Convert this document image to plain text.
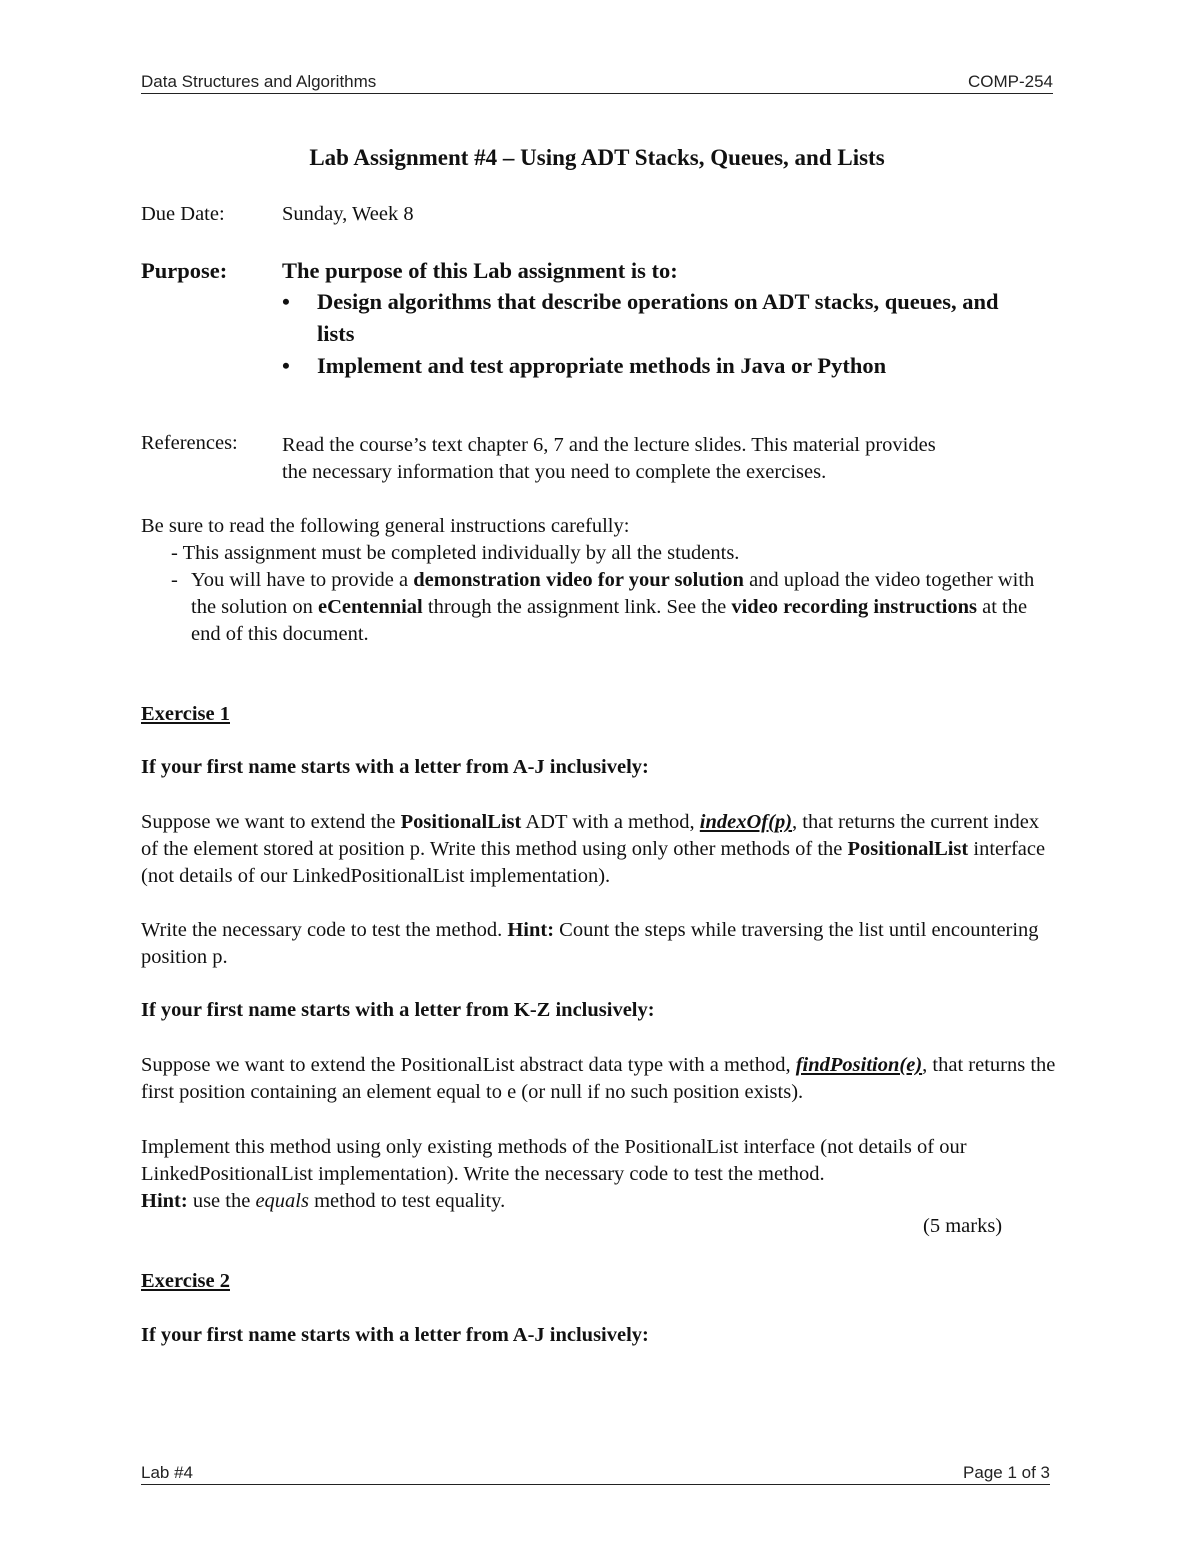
Data Structures and Algorithms	COMP-254
Lab Assignment #4 – Using ADT Stacks, Queues, and Lists
Due Date:	Sunday, Week 8
Purpose: The purpose of this Lab assignment is to:
•	Design algorithms that describe operations on ADT stacks, queues, and lists
•	Implement and test appropriate methods in Java or Python
References: Read the course’s text chapter 6, 7 and the lecture slides. This material provides
the necessary information that you need to complete the exercises.
Be sure to read the following general instructions carefully:
- This assignment must be completed individually by all the students.
- You will have to provide a demonstration video for your solution and upload the video together with the solution on eCentennial through the assignment link. See the video recording instructions at the end of this document.
Exercise 1
If your first name starts with a letter from A-J inclusively:
Suppose we want to extend the PositionalList ADT with a method, indexOf(p), that returns the current index of the element stored at position p. Write this method using only other methods of the PositionalList interface (not details of our LinkedPositionalList implementation).
Write the necessary code to test the method. Hint: Count the steps while traversing the list until encountering position p.
If your first name starts with a letter from K-Z inclusively:
Suppose we want to extend the PositionalList abstract data type with a method, findPosition(e), that returns the first position containing an element equal to e (or null if no such position exists).
Implement this method using only existing methods of the PositionalList interface (not details of our LinkedPositionalList implementation). Write the necessary code to test the method.
Hint: use the equals method to test equality.
(5 marks)
Exercise 2
If your first name starts with a letter from A-J inclusively:
Lab #4	Page 1 of 3
